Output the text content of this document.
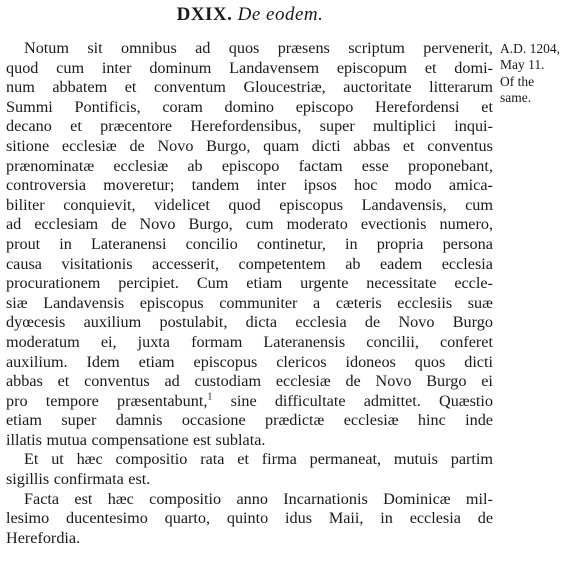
DXIX. De eodem.
Notum sit omnibus ad quos præsens scriptum pervenerit,
quod cum inter dominum Landavensem episcopum et domi-
num abbatem et conventum Gloucestriæ, auctoritate litterarum
Summi Pontificis, coram domino episcopo Herefordensi et
decano et præcentore Herefordensibus, super multiplici inqui-
sitione ecclesiæ de Novo Burgo, quam dicti abbas et conventus
prænominatæ ecclesiæ ab episcopo factam esse proponebant,
controversia moveretur; tandem inter ipsos hoc modo amica-
biliter conquievit, videlicet quod episcopus Landavensis, cum
ad ecclesiam de Novo Burgo, cum moderato evectionis numero,
prout in Lateranensi concilio continetur, in propria persona
causa visitationis accesserit, competentem ab eadem ecclesia
procurationem percipiet. Cum etiam urgente necessitate eccle-
siæ Landavensis episcopus communiter a cæteris ecclesiis suæ
dyœcesis auxilium postulabit, dicta ecclesia de Novo Burgo
moderatum ei, juxta formam Lateranensis concilii, conferet
auxilium. Idem etiam episcopus clericos idoneos quos dicti
abbas et conventus ad custodiam ecclesiæ de Novo Burgo ei
pro tempore præsentabunt,$^1$ sine difficultate admittet. Quæstio
etiam super damnis occasione prædictæ ecclesiæ hinc inde
illatis mutua compensatione est sublata.
Et ut hæc compositio rata et firma permaneat, mutuis partim
sigillis confirmata est.
Facta est hæc compositio anno Incarnationis Dominicæ mil-
lesimo ducentesimo quarto, quinto idus Maii, in ecclesia de
Herefordia.
A.D. 1204,
May 11.
Of the
same.
